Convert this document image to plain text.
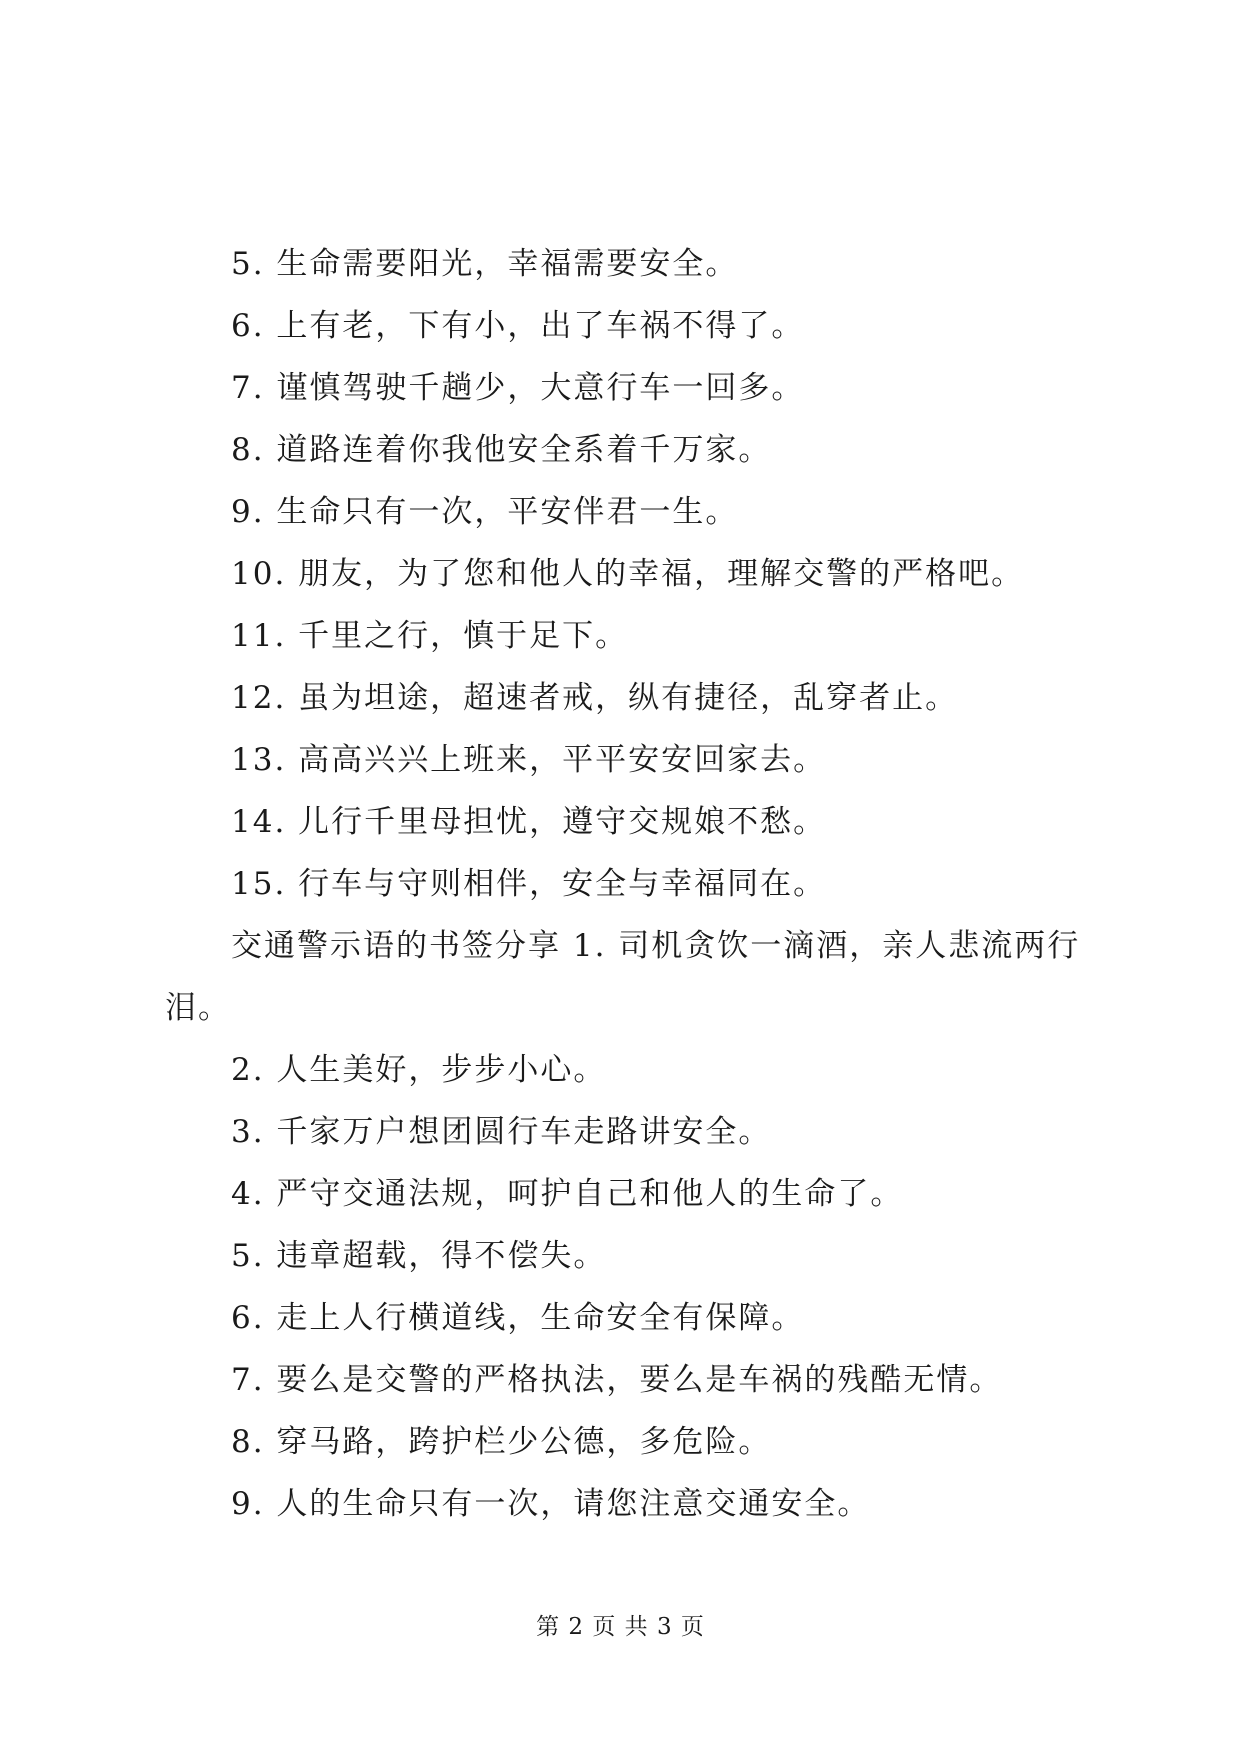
5. 生命需要阳光，幸福需要安全。
6. 上有老，下有小，出了车祸不得了。
7. 谨慎驾驶千趟少，大意行车一回多。
8. 道路连着你我他安全系着千万家。
9. 生命只有一次，平安伴君一生。
10. 朋友，为了您和他人的幸福，理解交警的严格吧。
11. 千里之行，慎于足下。
12. 虽为坦途，超速者戒，纵有捷径，乱穿者止。
13. 高高兴兴上班来，平平安安回家去。
14. 儿行千里母担忧，遵守交规娘不愁。
15. 行车与守则相伴，安全与幸福同在。
交通警示语的书签分享 1. 司机贪饮一滴酒，亲人悲流两行泪。
2. 人生美好，步步小心。
3. 千家万户想团圆行车走路讲安全。
4. 严守交通法规，呵护自己和他人的生命了。
5. 违章超载，得不偿失。
6. 走上人行横道线，生命安全有保障。
7. 要么是交警的严格执法，要么是车祸的残酷无情。
8. 穿马路，跨护栏少公德，多危险。
9. 人的生命只有一次，请您注意交通安全。
第 2 页 共 3 页
